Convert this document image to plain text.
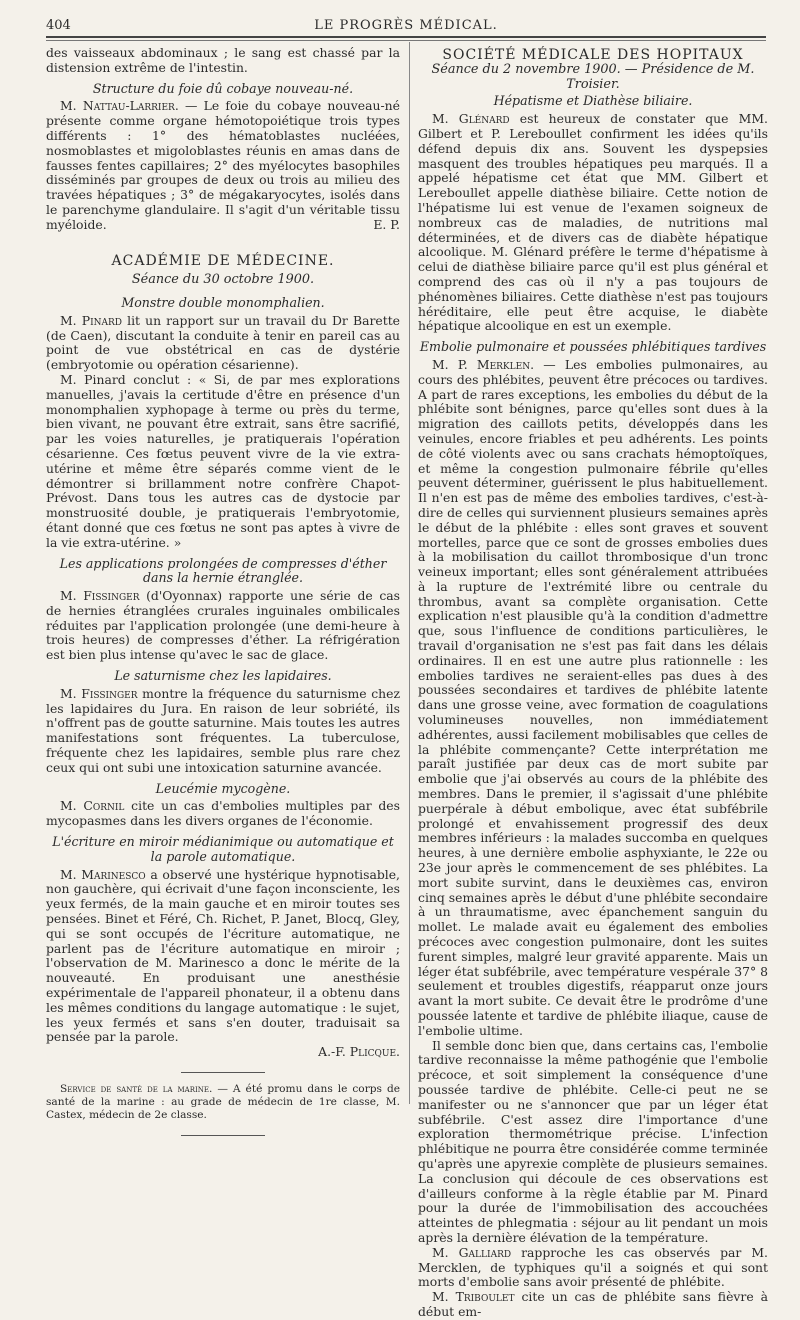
404	LE PROGRÈS MÉDICAL.

des vaisseaux abdominaux ; le sang est chassé par la distension extrême de l'intestin.

Structure du foie dû cobaye nouveau-né.

M. Nattau-Larrier. — Le foie du cobaye nouveau-né présente comme organe hémotopoiétique trois types différents : 1° des hématoblastes nucléées, nosmoblastes et migoloblastes réunis en amas dans de fausses fentes capillaires; 2° des myélocytes basophiles disséminés par groupes de deux ou trois au milieu des travées hépatiques ; 3° de mégakaryocytes, isolés dans le parenchyme glandulaire. Il s'agit d'un véritable tissu myéloide.	E. P.

ACADÉMIE DE MÉDECINE.
Séance du 30 octobre 1900.
Monstre double monomphalien.

M. Pinard lit un rapport sur un travail du Dr Barette (de Caen), discutant la conduite à tenir en pareil cas au point de vue obstétrical en cas de dystérie (embryotomie ou opération césarienne).

M. Pinard conclut : « Si, de par mes explorations manuelles, j'avais la certitude d'être en présence d'un monomphalien xyphopage à terme ou près du terme, bien vivant, ne pouvant être extrait, sans être sacrifié, par les voies naturelles, je pratiquerais l'opération césarienne. Ces fœtus peuvent vivre de la vie extra-utérine et même être séparés comme vient de le démontrer si brillamment notre confrère Chapot-Prévost. Dans tous les autres cas de dystocie par monstruosité double, je pratiquerais l'embryotomie, étant donné que ces fœtus ne sont pas aptes à vivre de la vie extra-utérine. »

Les applications prolongées de compresses d'éther dans la hernie étranglée.

M. Fissinger (d'Oyonnax) rapporte une série de cas de hernies étranglées crurales inguinales ombilicales réduites par l'application prolongée (une demi-heure à trois heures) de compresses d'éther. La réfrigération est bien plus intense qu'avec le sac de glace.

Le saturnisme chez les lapidaires.

M. Fissinger montre la fréquence du saturnisme chez les lapidaires du Jura. En raison de leur sobriété, ils n'offrent pas de goutte saturnine. Mais toutes les autres manifestations sont fréquentes. La tuberculose, fréquente chez les lapidaires, semble plus rare chez ceux qui ont subi une intoxication saturnine avancée.

Leucémie mycogène.

M. Cornil cite un cas d'embolies multiples par des mycopasmes dans les divers organes de l'économie.

L'écriture en miroir médianimique ou automatique et la parole automatique.

M. Marinesco a observé une hystérique hypnotisable, non gauchère, qui écrivait d'une façon inconsciente, les yeux fermés, de la main gauche et en miroir toutes ses pensées. Binet et Féré, Ch. Richet, P. Janet, Blocq, Gley, qui se sont occupés de l'écriture automatique, ne parlent pas de l'écriture automatique en miroir ; l'observation de M. Marinesco a donc le mérite de la nouveauté. En produisant une anesthésie expérimentale de l'appareil phonateur, il a obtenu dans les mêmes conditions du langage automatique : le sujet, les yeux fermés et sans s'en douter, traduisait sa pensée par la parole.

A.-F. Plicque.

Service de santé de la marine. — A été promu dans le corps de santé de la marine : au grade de médecin de 1re classe, M. Castex, médecin de 2e classe.

SOCIÉTÉ MÉDICALE DES HOPITAUX
Séance du 2 novembre 1900. — Présidence de M. Troisier.
Hépatisme et Diathèse biliaire.

M. Glénard est heureux de constater que MM. Gilbert et P. Lereboullet confirment les idées qu'ils défend depuis dix ans. Souvent les dyspepsies masquent des troubles hépatiques peu marqués. Il a appelé hépatisme cet état que MM. Gilbert et Lereboullet appelle diathèse biliaire. Cette notion de l'hépatisme lui est venue de l'examen soigneux de nombreux cas de maladies, de nutritions mal déterminées, et de divers cas de diabète hépatique alcoolique. M. Glénard préfère le terme d'hépatisme à celui de diathèse biliaire parce qu'il est plus général et comprend des cas où il n'y a pas toujours de phénomènes biliaires. Cette diathèse n'est pas toujours héréditaire, elle peut être acquise, le diabète hépatique alcoolique en est un exemple.

Embolie pulmonaire et poussées phlébitiques tardives

M. P. Merklen. — Les embolies pulmonaires, au cours des phlébites, peuvent être précoces ou tardives. A part de rares exceptions, les embolies du début de la phlébite sont bénignes, parce qu'elles sont dues à la migration des caillots petits, développés dans les veinules, encore friables et peu adhérents. Les points de côté violents avec ou sans crachats hémoptoïques, et même la congestion pulmonaire fébrile qu'elles peuvent déterminer, guérissent le plus habituellement. Il n'en est pas de même des embolies tardives, c'est-à-dire de celles qui surviennent plusieurs semaines après le début de la phlébite : elles sont graves et souvent mortelles, parce que ce sont de grosses embolies dues à la mobilisation du caillot thrombosique d'un tronc veineux important; elles sont généralement attribuées à la rupture de l'extrémité libre ou centrale du thrombus, avant sa complète organisation. Cette explication n'est plausible qu'à la condition d'admettre que, sous l'influence de conditions particulières, le travail d'organisation ne s'est pas fait dans les délais ordinaires. Il en est une autre plus rationnelle : les embolies tardives ne seraient-elles pas dues à des poussées secondaires et tardives de phlébite latente dans une grosse veine, avec formation de coagulations volumineuses nouvelles, non immédiatement adhérentes, aussi facilement mobilisables que celles de la phlébite commençante? Cette interprétation me paraît justifiée par deux cas de mort subite par embolie que j'ai observés au cours de la phlébite des membres. Dans le premier, il s'agissait d'une phlébite puerpérale à début embolique, avec état subfébrile prolongé et envahissement progressif des deux membres inférieurs : la malades succomba en quelques heures, à une dernière embolie asphyxiante, le 22e ou 23e jour après le commencement de ses phlébites. La mort subite survint, dans le deuxièmes cas, environ cinq semaines après le début d'une phlébite secondaire à un thraumatisme, avec épanchement sanguin du mollet. Le malade avait eu également des embolies précoces avec congestion pulmonaire, dont les suites furent simples, malgré leur gravité apparente. Mais un léger état subfébrile, avec température vespérale 37° 8 seulement et troubles digestifs, réapparut onze jours avant la mort subite. Ce devait être le prodrôme d'une poussée latente et tardive de phlébite iliaque, cause de l'embolie ultime.

Il semble donc bien que, dans certains cas, l'embolie tardive reconnaisse la même pathogénie que l'embolie précoce, et soit simplement la conséquence d'une poussée tardive de phlébite. Celle-ci peut ne se manifester ou ne s'annoncer que par un léger état subfébrile. C'est assez dire l'importance d'une exploration thermométrique précise. L'infection phlébitique ne pourra être considérée comme terminée qu'après une apyrexie complète de plusieurs semaines. La conclusion qui découle de ces observations est d'ailleurs conforme à la règle établie par M. Pinard pour la durée de l'immobilisation des accouchées atteintes de phlegmatia : séjour au lit pendant un mois après la dernière élévation de la température.

M. Galliard rapproche les cas observés par M. Mercklen, de typhiques qu'il a soignés et qui sont morts d'embolie sans avoir présenté de phlébite.

M. Triboulet cite un cas de phlébite sans fièvre à début em-
